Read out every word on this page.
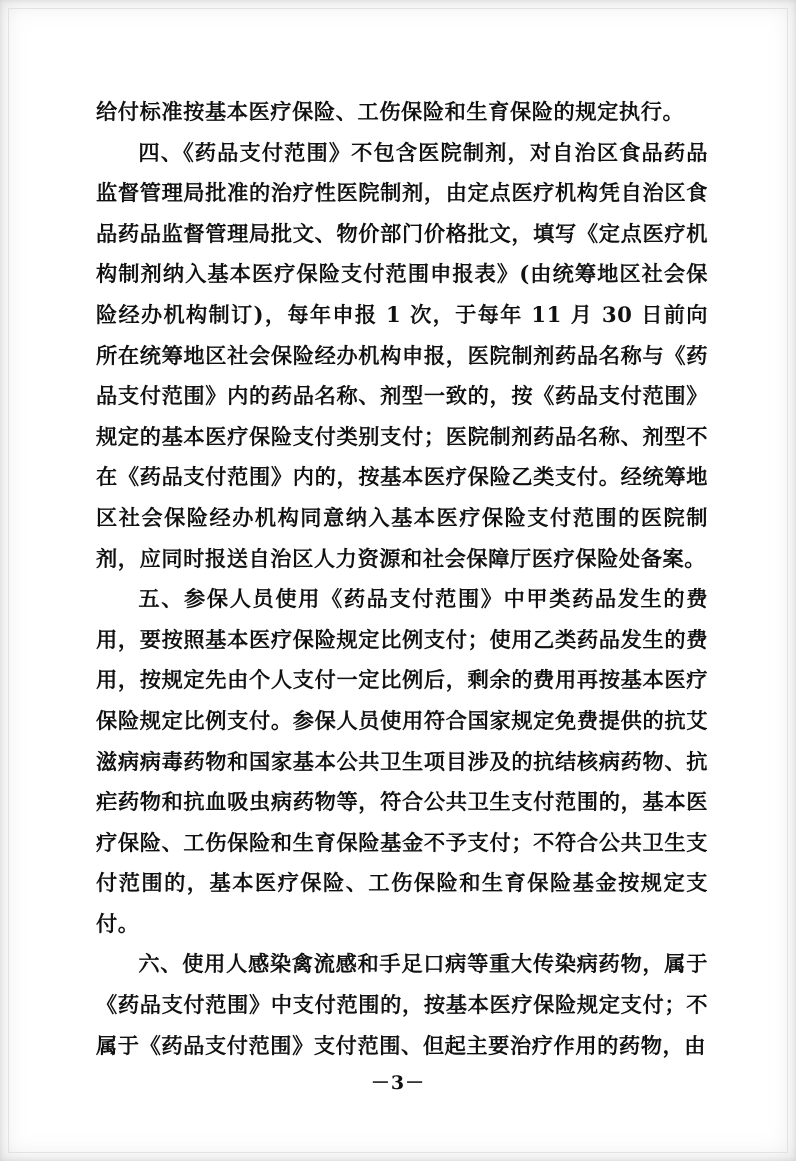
给付标准按基本医疗保险、工伤保险和生育保险的规定执行。

四、《药品支付范围》不包含医院制剂，对自治区食品药品监督管理局批准的治疗性医院制剂，由定点医疗机构凭自治区食品药品监督管理局批文、物价部门价格批文，填写《定点医疗机构制剂纳入基本医疗保险支付范围申报表》(由统筹地区社会保险经办机构制订)，每年申报 1 次，于每年 11 月 30 日前向所在统筹地区社会保险经办机构申报，医院制剂药品名称与《药品支付范围》内的药品名称、剂型一致的，按《药品支付范围》规定的基本医疗保险支付类别支付；医院制剂药品名称、剂型不在《药品支付范围》内的，按基本医疗保险乙类支付。经统筹地区社会保险经办机构同意纳入基本医疗保险支付范围的医院制剂，应同时报送自治区人力资源和社会保障厅医疗保险处备案。

五、参保人员使用《药品支付范围》中甲类药品发生的费用，要按照基本医疗保险规定比例支付；使用乙类药品发生的费用，按规定先由个人支付一定比例后，剩余的费用再按基本医疗保险规定比例支付。参保人员使用符合国家规定免费提供的抗艾滋病病毒药物和国家基本公共卫生项目涉及的抗结核病药物、抗疟药物和抗血吸虫病药物等，符合公共卫生支付范围的，基本医疗保险、工伤保险和生育保险基金不予支付；不符合公共卫生支付范围的，基本医疗保险、工伤保险和生育保险基金按规定支付。

六、使用人感染禽流感和手足口病等重大传染病药物，属于《药品支付范围》中支付范围的，按基本医疗保险规定支付；不属于《药品支付范围》支付范围、但起主要治疗作用的药物，由

－3－
